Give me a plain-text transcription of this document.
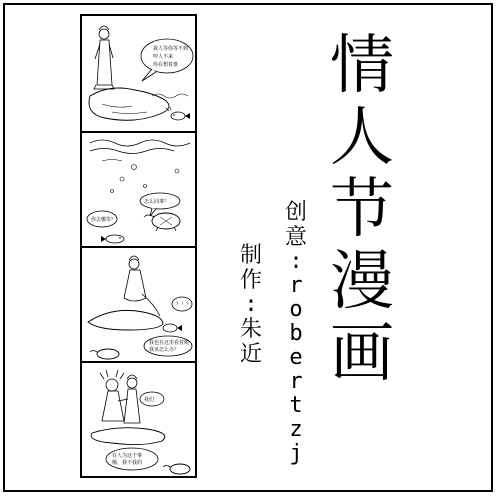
我人等你等不到
哼人不来
你在想着谁
你去哪里？
怎么回事？
？！？
我也在这里看着呢
我该怎么办？
我们
有人为这个事
哦，我不我的
情
人
节
漫
画
创
意
:
r
o
b
e
r
t
z
j
制
作
:
朱
近
